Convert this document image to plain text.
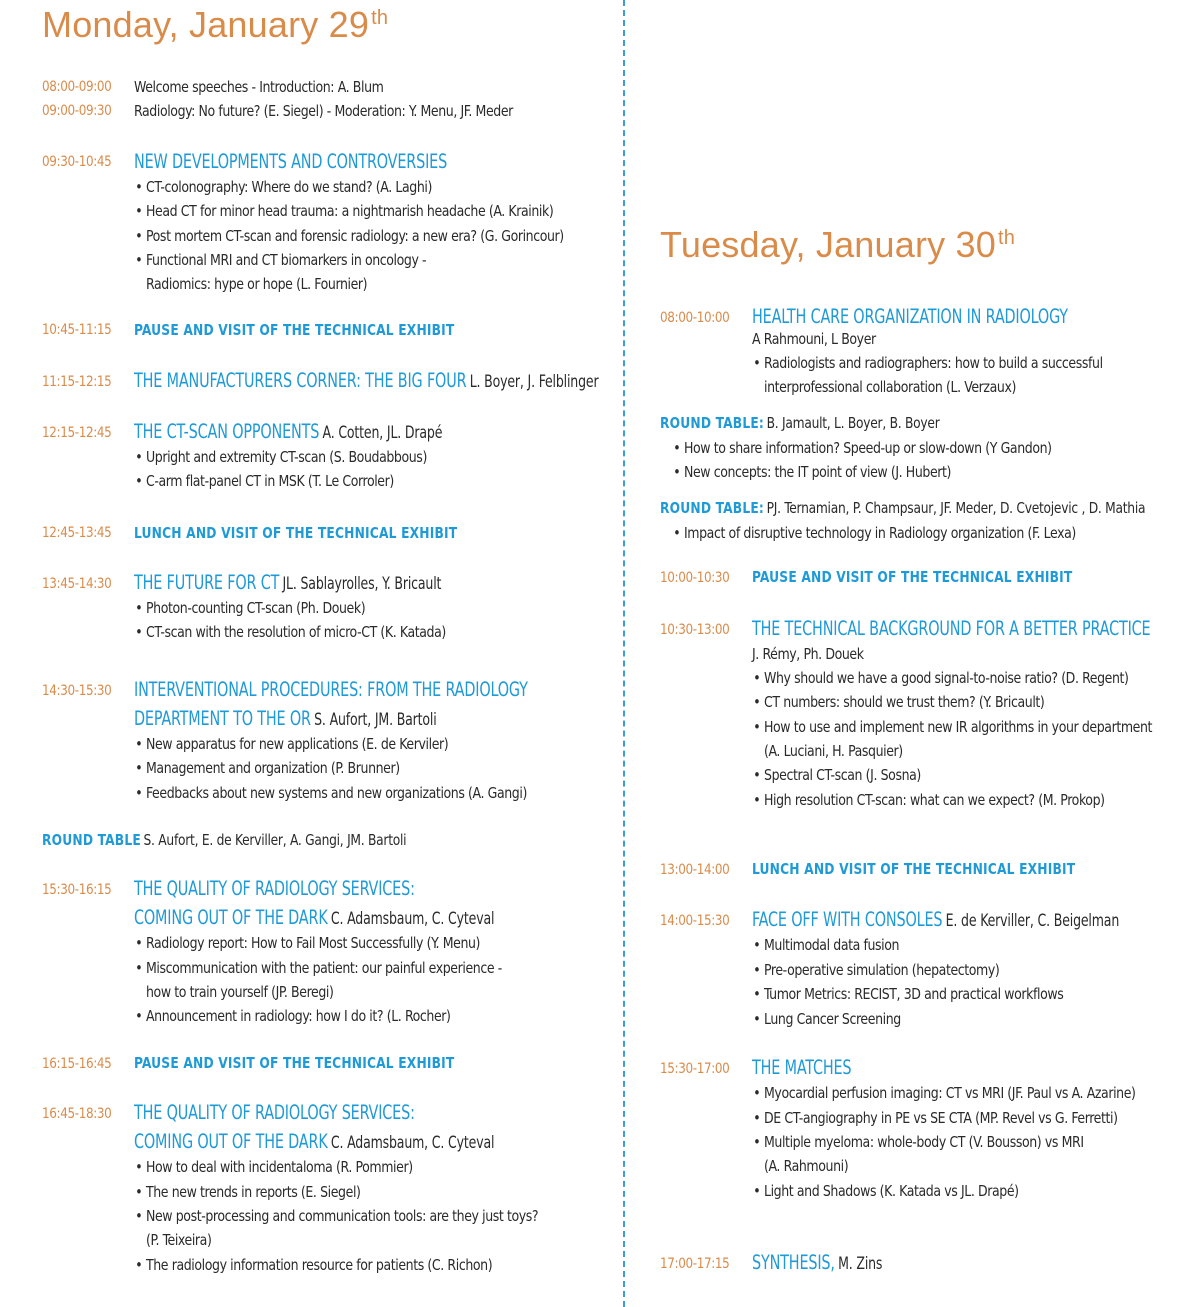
Monday, January 29 $^{th}$
08:00-09:00 Welcome speeches - Introduction: A. Blum
09:00-09:30 Radiology: No future? (E. Siegel) - Moderation: Y. Menu, JF. Meder
09:30-10:45 NEW DEVELOPMENTS AND CONTROVERSIES
• CT-colonography: Where do we stand? (A. Laghi)
• Head CT for minor head trauma: a nightmarish headache (A. Krainik)
• Post mortem CT-scan and forensic radiology: a new era? (G. Gorincour)
• Functional MRI and CT biomarkers in oncology -
Radiomics: hype or hope (L. Fournier)
10:45-11:15 PAUSE AND VISIT OF THE TECHNICAL EXHIBIT
11:15-12:15 THE MANUFACTURERS CORNER: THE BIG FOUR L. Boyer, J. Felblinger
12:15-12:45 THE CT-SCAN OPPONENTS A. Cotten, JL. Drapé
• Upright and extremity CT-scan (S. Boudabbous)
• C-arm flat-panel CT in MSK (T. Le Corroler)
12:45-13:45 LUNCH AND VISIT OF THE TECHNICAL EXHIBIT
13:45-14:30 THE FUTURE FOR CT JL. Sablayrolles, Y. Bricault
• Photon-counting CT-scan (Ph. Douek)
• CT-scan with the resolution of micro-CT (K. Katada)
14:30-15:30 INTERVENTIONAL PROCEDURES: FROM THE RADIOLOGY
DEPARTMENT TO THE OR S. Aufort, JM. Bartoli
• New apparatus for new applications (E. de Kerviler)
• Management and organization (P. Brunner)
• Feedbacks about new systems and new organizations (A. Gangi)
ROUND TABLE S. Aufort, E. de Kerviller, A. Gangi, JM. Bartoli
15:30-16:15 THE QUALITY OF RADIOLOGY SERVICES:
COMING OUT OF THE DARK C. Adamsbaum, C. Cyteval
• Radiology report: How to Fail Most Successfully (Y. Menu)
• Miscommunication with the patient: our painful experience -
how to train yourself (JP. Beregi)
• Announcement in radiology: how I do it? (L. Rocher)
16:15-16:45 PAUSE AND VISIT OF THE TECHNICAL EXHIBIT
16:45-18:30 THE QUALITY OF RADIOLOGY SERVICES:
COMING OUT OF THE DARK C. Adamsbaum, C. Cyteval
• How to deal with incidentaloma (R. Pommier)
• The new trends in reports (E. Siegel)
• New post-processing and communication tools: are they just toys?
(P. Teixeira)
• The radiology information resource for patients (C. Richon)
Tuesday, January 30 $^{th}$
08:00-10:00 HEALTH CARE ORGANIZATION IN RADIOLOGY
A Rahmouni, L Boyer
• Radiologists and radiographers: how to build a successful
interprofessional collaboration (L. Verzaux)
ROUND TABLE: B. Jamault, L. Boyer, B. Boyer
• How to share information? Speed-up or slow-down (Y Gandon)
• New concepts: the IT point of view (J. Hubert)
ROUND TABLE: PJ. Ternamian, P. Champsaur, JF. Meder, D. Cvetojevic , D. Mathia
• Impact of disruptive technology in Radiology organization (F. Lexa)
10:00-10:30 PAUSE AND VISIT OF THE TECHNICAL EXHIBIT
10:30-13:00 THE TECHNICAL BACKGROUND FOR A BETTER PRACTICE
J. Rémy, Ph. Douek
• Why should we have a good signal-to-noise ratio? (D. Regent)
• CT numbers: should we trust them? (Y. Bricault)
• How to use and implement new IR algorithms in your department
(A. Luciani, H. Pasquier)
• Spectral CT-scan (J. Sosna)
• High resolution CT-scan: what can we expect? (M. Prokop)
13:00-14:00 LUNCH AND VISIT OF THE TECHNICAL EXHIBIT
14:00-15:30 FACE OFF WITH CONSOLES E. de Kerviller, C. Beigelman
• Multimodal data fusion
• Pre-operative simulation (hepatectomy)
• Tumor Metrics: RECIST, 3D and practical workflows
• Lung Cancer Screening
15:30-17:00 THE MATCHES
• Myocardial perfusion imaging: CT vs MRI (JF. Paul vs A. Azarine)
• DE CT-angiography in PE vs SE CTA (MP. Revel vs G. Ferretti)
• Multiple myeloma: whole-body CT (V. Bousson) vs MRI
(A. Rahmouni)
• Light and Shadows (K. Katada vs JL. Drapé)
17:00-17:15 SYNTHESIS, M. Zins
